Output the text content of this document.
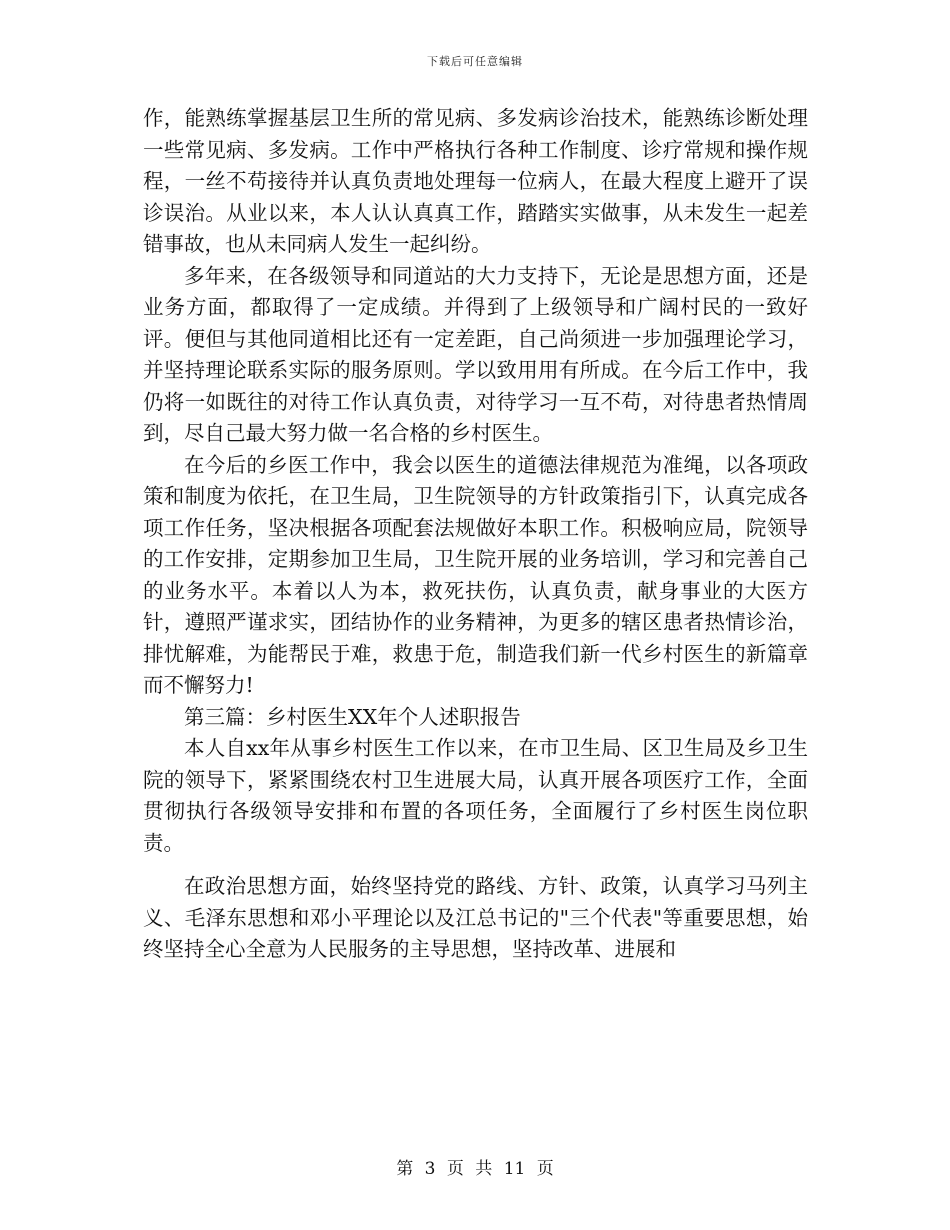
下载后可任意编辑

作，能熟练掌握基层卫生所的常见病、多发病诊治技术，能熟练诊断处理一些常见病、多发病。工作中严格执行各种工作制度、诊疗常规和操作规程，一丝不苟接待并认真负责地处理每一位病人，在最大程度上避开了误诊误治。从业以来，本人认认真真工作，踏踏实实做事，从未发生一起差错事故，也从未同病人发生一起纠纷。

多年来，在各级领导和同道站的大力支持下，无论是思想方面，还是业务方面，都取得了一定成绩。并得到了上级领导和广阔村民的一致好评。便但与其他同道相比还有一定差距，自己尚须进一步加强理论学习，并坚持理论联系实际的服务原则。学以致用用有所成。在今后工作中，我仍将一如既往的对待工作认真负责，对待学习一互不苟，对待患者热情周到，尽自己最大努力做一名合格的乡村医生。

在今后的乡医工作中，我会以医生的道德法律规范为准绳，以各项政策和制度为依托，在卫生局，卫生院领导的方针政策指引下，认真完成各项工作任务，坚决根据各项配套法规做好本职工作。积极响应局，院领导的工作安排，定期参加卫生局，卫生院开展的业务培训，学习和完善自己的业务水平。本着以人为本，救死扶伤，认真负责，献身事业的大医方针，遵照严谨求实，团结协作的业务精神，为更多的辖区患者热情诊治，排忧解难，为能帮民于难，救患于危，制造我们新一代乡村医生的新篇章而不懈努力!

第三篇：乡村医生XX年个人述职报告

本人自xx年从事乡村医生工作以来，在市卫生局、区卫生局及乡卫生院的领导下，紧紧围绕农村卫生进展大局，认真开展各项医疗工作，全面贯彻执行各级领导安排和布置的各项任务，全面履行了乡村医生岗位职责。

在政治思想方面，始终坚持党的路线、方针、政策，认真学习马列主义、毛泽东思想和邓小平理论以及江总书记的"三个代表"等重要思想，始终坚持全心全意为人民服务的主导思想，坚持改革、进展和

第 3 页 共 11 页
